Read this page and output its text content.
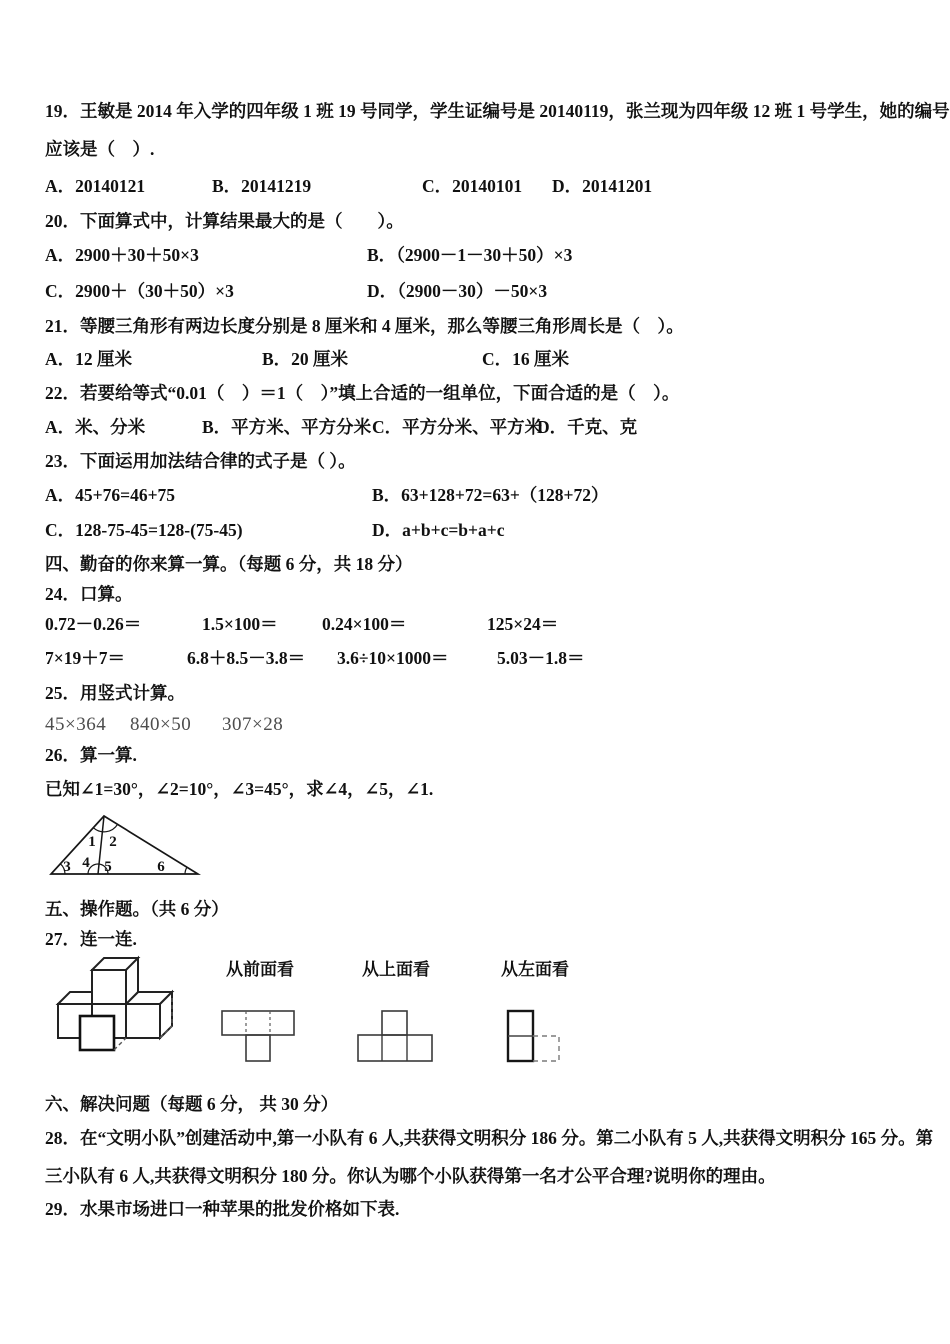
19．王敏是 2014 年入学的四年级 1 班 19 号同学，学生证编号是 20140119，张兰现为四年级 12 班 1 号学生，她的编号
应该是（　）.
A．20140121	B．20141219	C．20140101	D．20141201
20．下面算式中，计算结果最大的是（　　）。
A．2900＋30＋50×3	B．（2900－1－30＋50）×3
C．2900＋（30＋50）×3	D．（2900－30）－50×3
21．等腰三角形有两边长度分别是 8 厘米和 4 厘米，那么等腰三角形周长是（　）。
A．12 厘米	B．20 厘米	C．16 厘米
22．若要给等式“0.01（　）＝1（　）”填上合适的一组单位，下面合适的是（　）。
A．米、分米	B．平方米、平方分米 C．平方分米、平方米
D．千克、克
23．下面运用加法结合律的式子是（ ）。
A．45+76=46+75	B．63+128+72=63+（128+72）
C．128-75-45=128-(75-45)	D．a+b+c=b+a+c
四、勤奋的你来算一算。（每题 6 分，共 18 分）
24．口算。
0.72－0.26＝	1.5×100＝	0.24×100＝	125×24＝
7×19＋7＝	6.8＋8.5－3.8＝	3.6÷10×1000＝	5.03－1.8＝
25．用竖式计算。
45×364	840×50	307×28
26．算一算.
已知∠1=30°，∠2=10°，∠3=45°，求∠4，∠5，∠1.
1 2
3 4 5	6
五、操作题。（共 6 分）
27．连一连.
从前面看	从上面看	从左面看
六、解决问题（每题 6 分， 共 30 分）
28．在“文明小队”创建活动中,第一小队有 6 人,共获得文明积分 186 分。第二小队有 5 人,共获得文明积分 165 分。第
三小队有 6 人,共获得文明积分 180 分。你认为哪个小队获得第一名才公平合理?说明你的理由。
29．水果市场进口一种苹果的批发价格如下表.
